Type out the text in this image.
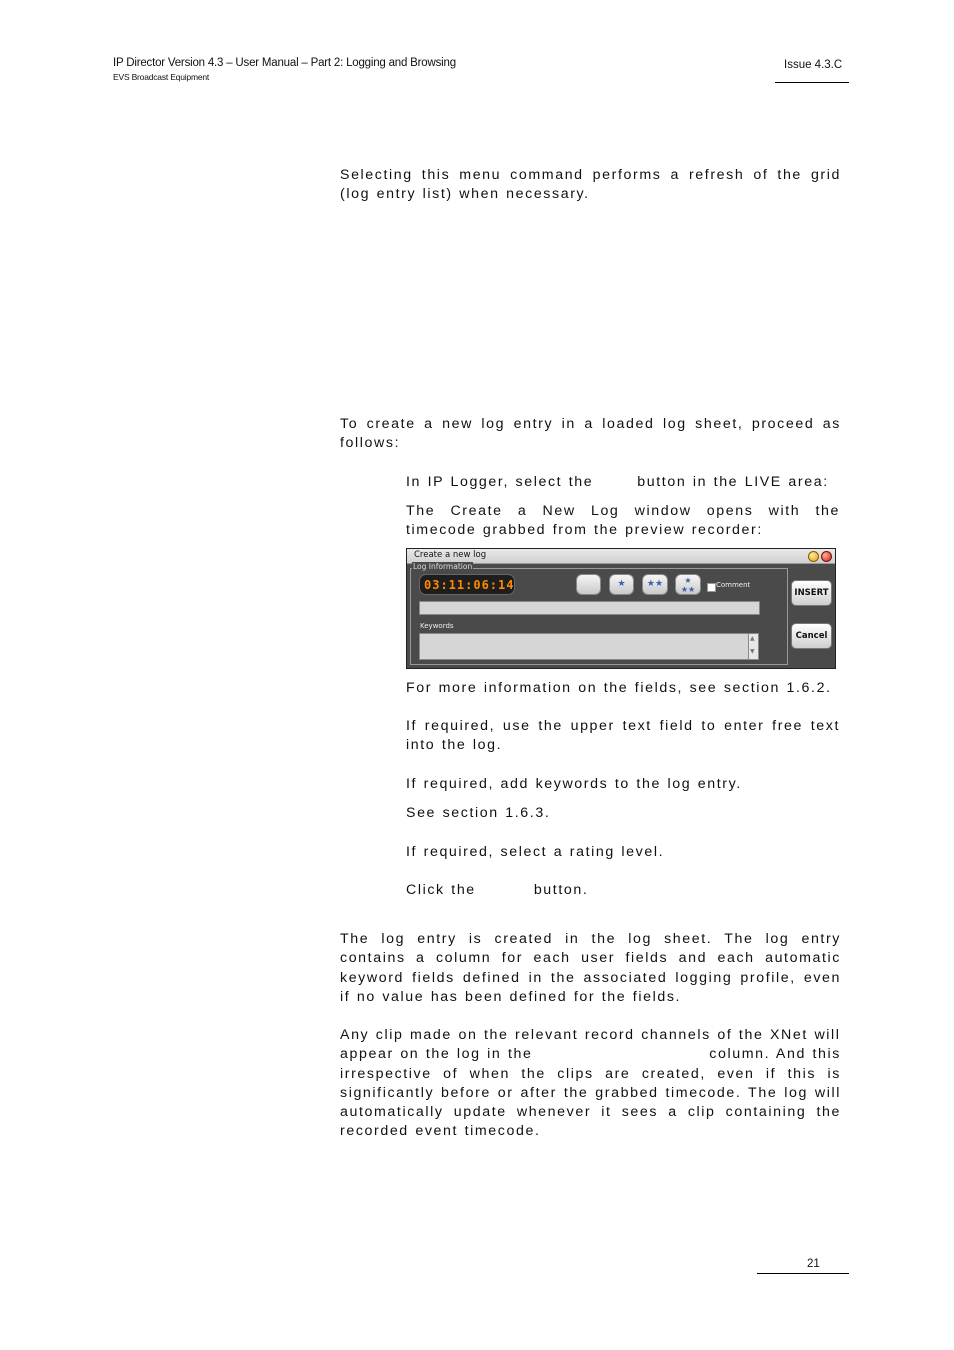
IP Director Version 4.3 – User Manual – Part 2: Logging and Browsing
EVS Broadcast Equipment
Issue 4.3.C
Selecting this menu command performs a refresh of the grid (log entry list) when necessary.
To create a new log entry in a loaded log sheet, proceed as follows:
In IP Logger, select the	button in the LIVE area:
The Create a New Log window opens with the timecode grabbed from the preview recorder:
Create a new log
Log Information
03:11:06:14	★	★★	★
★★	Comment
Keywords
▲
▼
INSERT
Cancel
For more information on the fields, see section 1.6.2.
If required, use the upper text field to enter free text into the log.
If required, add keywords to the log entry.
See section 1.6.3.
If required, select a rating level.
Click the	button.
The log entry is created in the log sheet. The log entry contains a column for each user fields and each automatic keyword fields defined in the associated logging profile, even if no value has been defined for the fields.
Any clip made on the relevant record channels of the XNet will
appear on the log in the	column. And this
irrespective of when the clips are created, even if this is significantly before or after the grabbed timecode. The log will automatically update whenever it sees a clip containing the recorded event timecode.
21
